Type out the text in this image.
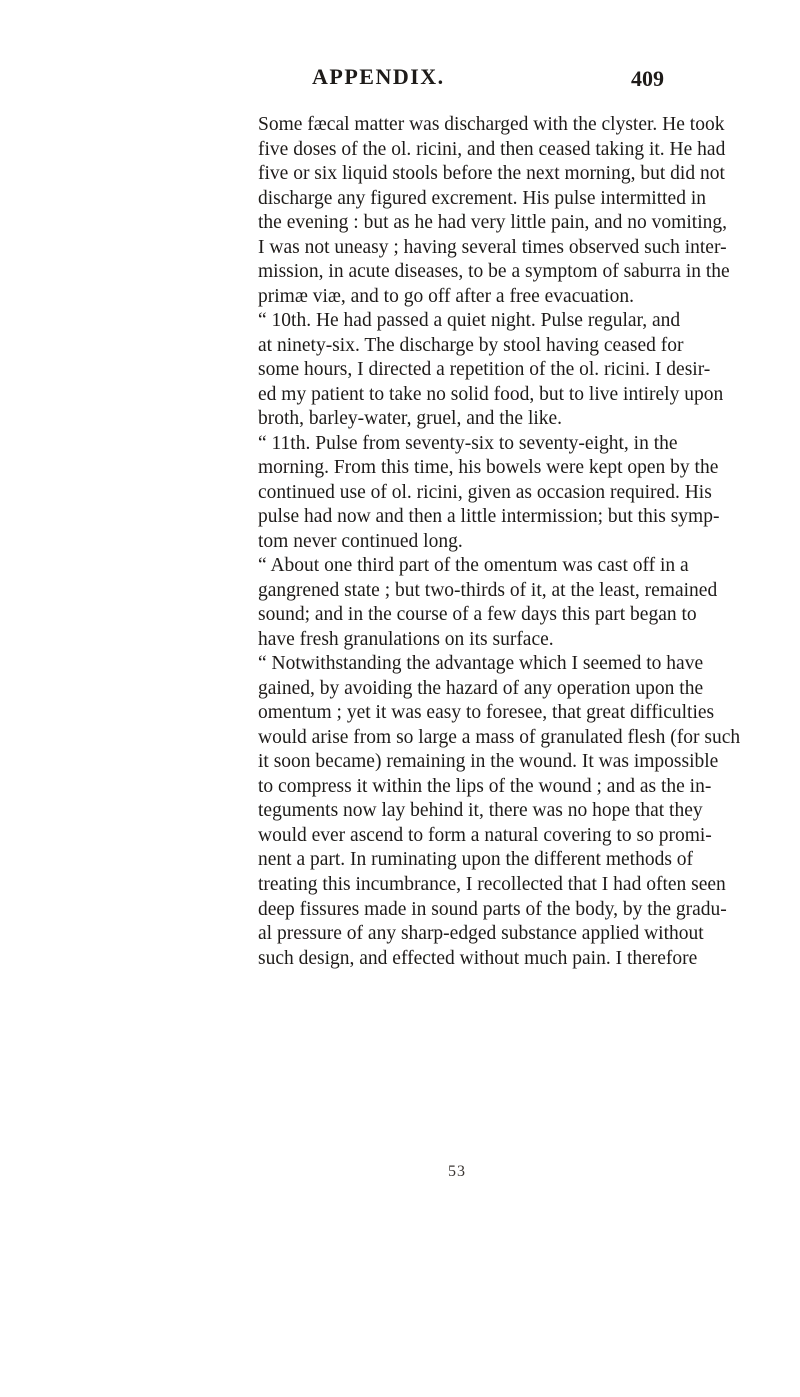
APPENDIX.	409
Some fæcal matter was discharged with the clyster. He took
five doses of the ol. ricini, and then ceased taking it. He had
five or six liquid stools before the next morning, but did not
discharge any figured excrement. His pulse intermitted in
the evening : but as he had very little pain, and no vomiting,
I was not uneasy ; having several times observed such inter-
mission, in acute diseases, to be a symptom of saburra in the
primæ viæ, and to go off after a free evacuation.
“ 10th. He had passed a quiet night. Pulse regular, and
at ninety-six. The discharge by stool having ceased for
some hours, I directed a repetition of the ol. ricini. I desir-
ed my patient to take no solid food, but to live intirely upon
broth, barley-water, gruel, and the like.
“ 11th. Pulse from seventy-six to seventy-eight, in the
morning. From this time, his bowels were kept open by the
continued use of ol. ricini, given as occasion required. His
pulse had now and then a little intermission; but this symp-
tom never continued long.
“ About one third part of the omentum was cast off in a
gangrened state ; but two-thirds of it, at the least, remained
sound; and in the course of a few days this part began to
have fresh granulations on its surface.
“ Notwithstanding the advantage which I seemed to have
gained, by avoiding the hazard of any operation upon the
omentum ; yet it was easy to foresee, that great difficulties
would arise from so large a mass of granulated flesh (for such
it soon became) remaining in the wound. It was impossible
to compress it within the lips of the wound ; and as the in-
teguments now lay behind it, there was no hope that they
would ever ascend to form a natural covering to so promi-
nent a part. In ruminating upon the different methods of
treating this incumbrance, I recollected that I had often seen
deep fissures made in sound parts of the body, by the gradu-
al pressure of any sharp-edged substance applied without
such design, and effected without much pain. I therefore
53
